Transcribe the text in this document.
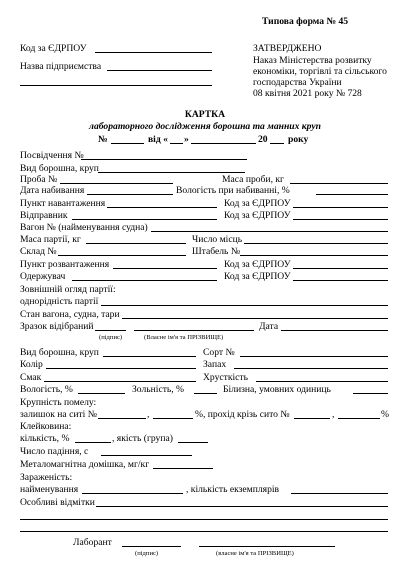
Типова форма № 45
Код за ЄДРПОУ
Назва підприємства
ЗАТВЕРДЖЕНО
Наказ Міністерства розвитку
економіки, торгівлі та сільського
господарства України
08 квітня 2021 року № 728
КАРТКА
лабораторного дослідження борошна та манних круп
№	від « »	20 року
Посвідчення №
Вид борошна, круп
Проба №	Маса проби, кг
Дата набивання	Вологість при набиванні, %
Пункт навантаження	Код за ЄДРПОУ
Відправник	Код за ЄДРПОУ
Вагон № (найменування судна)
Маса партії, кг	Число місць
Склад №	Штабель №
Пункт розвантаження	Код за ЄДРПОУ
Одержувач	Код за ЄДРПОУ
Зовнішній огляд партії:
однорідність партії
Стан вагона, судна, тари
Зразок відібраний	Дата
(підпис)	(Власне ім'я та ПРІЗВИЩЕ)
Вид борошна, круп	Сорт №
Колір	Запах
Смак	Хрусткість
Вологість, %	Зольність, %	Білизна, умовних одиниць
Крупність помелу:
залишок на ситі №	,	%, прохід крізь сито №	,	%
Клейковина:
кількість, %	, якість (група)
Число падіння, с
Металомагнітна домішка, мг/кг
Зараженість:
найменування	, кількість екземплярів
Особливі відмітки
Лаборант
(підпис)	(власне ім'я та ПРІЗВИЩЕ)
